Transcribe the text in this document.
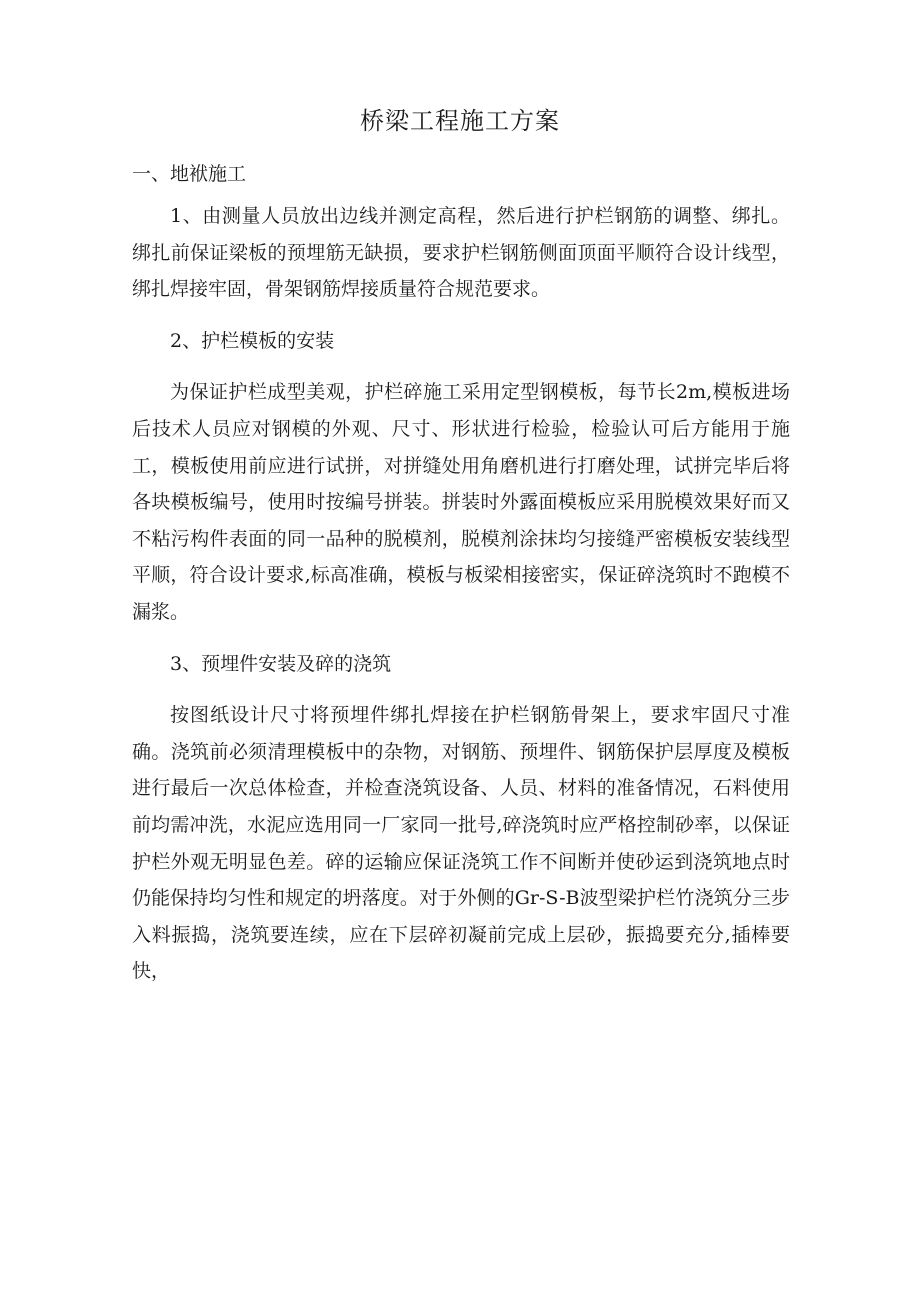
桥梁工程施工方案
一、地袱施工

1、由测量人员放出边线并测定高程，然后进行护栏钢筋的调整、绑扎。绑扎前保证梁板的预埋筋无缺损，要求护栏钢筋侧面顶面平顺符合设计线型，绑扎焊接牢固，骨架钢筋焊接质量符合规范要求。

2、护栏模板的安装

为保证护栏成型美观，护栏碎施工采用定型钢模板，每节长2m,模板进场后技术人员应对钢模的外观、尺寸、形状进行检验，检验认可后方能用于施工，模板使用前应进行试拼，对拼缝处用角磨机进行打磨处理，试拼完毕后将各块模板编号，使用时按编号拼装。拼装时外露面模板应采用脱模效果好而又不粘污构件表面的同一品种的脱模剂，脱模剂涂抹均匀接缝严密模板安装线型平顺，符合设计要求,标高准确，模板与板梁相接密实，保证碎浇筑时不跑模不漏浆。

3、预埋件安装及碎的浇筑

按图纸设计尺寸将预埋件绑扎焊接在护栏钢筋骨架上，要求牢固尺寸准确。浇筑前必须清理模板中的杂物，对钢筋、预埋件、钢筋保护层厚度及模板进行最后一次总体检查，并检查浇筑设备、人员、材料的准备情况，石料使用前均需冲洗，水泥应选用同一厂家同一批号,碎浇筑时应严格控制砂率，以保证护栏外观无明显色差。碎的运输应保证浇筑工作不间断并使砂运到浇筑地点时仍能保持均匀性和规定的坍落度。对于外侧的Gr-S-B波型梁护栏竹浇筑分三步入料振捣，浇筑要连续，应在下层碎初凝前完成上层砂，振捣要充分,插棒要快，
